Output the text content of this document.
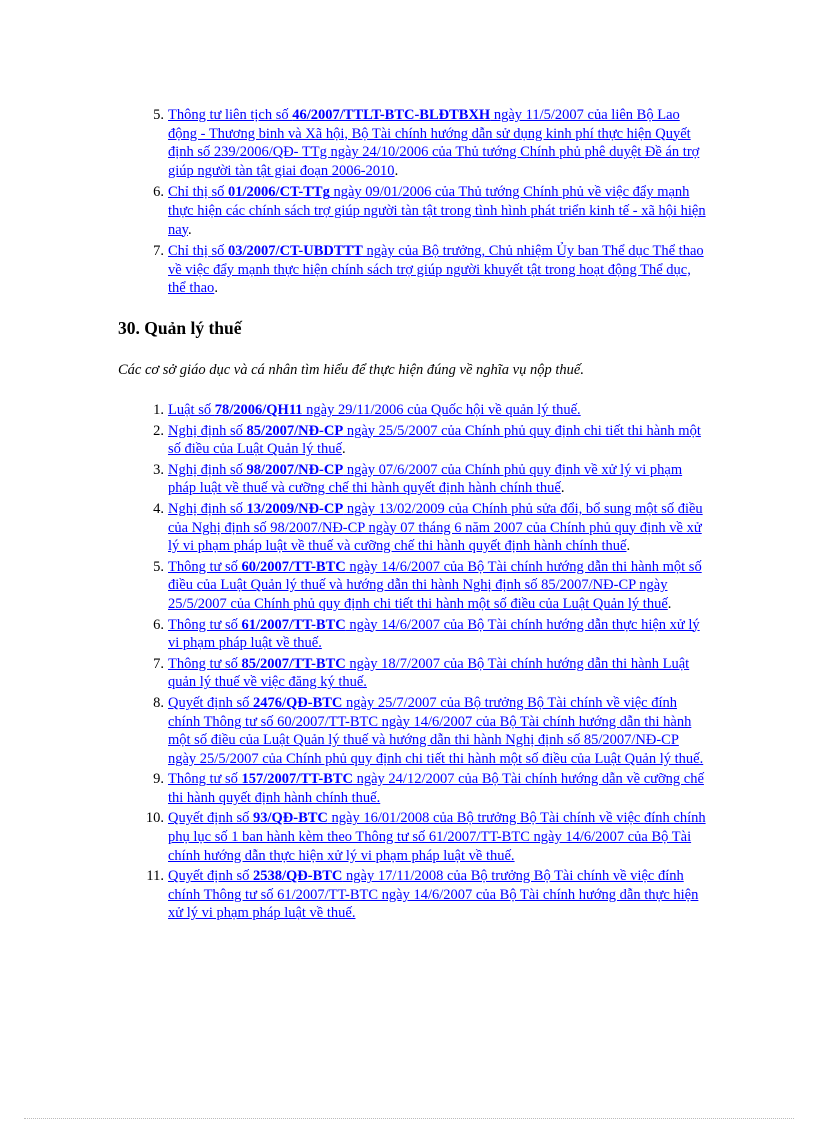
5. Thông tư liên tịch số 46/2007/TTLT-BTC-BLĐTBXH ngày 11/5/2007 của liên Bộ Lao động - Thương binh và Xã hội, Bộ Tài chính hướng dẫn sử dụng kinh phí thực hiện Quyết định số 239/2006/QĐ- TTg ngày 24/10/2006 của Thủ tướng Chính phủ phê duyệt Đề án trợ giúp người tàn tật giai đoạn 2006-2010.
6. Chỉ thị số 01/2006/CT-TTg ngày 09/01/2006 của Thủ tướng Chính phủ về việc đẩy mạnh thực hiện các chính sách trợ giúp người tàn tật trong tình hình phát triển kinh tế - xã hội hiện nay.
7. Chỉ thị số 03/2007/CT-UBDTTT ngày của Bộ trưởng, Chủ nhiệm Ủy ban Thể dục Thể thao về việc đẩy mạnh thực hiện chính sách trợ giúp người khuyết tật trong hoạt động Thể dục, thể thao.
30. Quản lý thuế
Các cơ sở giáo dục và cá nhân tìm hiểu để thực hiện đúng về nghĩa vụ nộp thuế.
1. Luật số 78/2006/QH11 ngày 29/11/2006 của Quốc hội về quản lý thuế.
2. Nghị định số 85/2007/NĐ-CP ngày 25/5/2007 của Chính phủ quy định chi tiết thi hành một số điều của Luật Quản lý thuế.
3. Nghị định số 98/2007/NĐ-CP ngày 07/6/2007 của Chính phủ quy định về xử lý vi phạm pháp luật về thuế và cưỡng chế thi hành quyết định hành chính thuế.
4. Nghị định số 13/2009/NĐ-CP ngày 13/02/2009 của Chính phủ sửa đổi, bổ sung một số điều của Nghị định số 98/2007/NĐ-CP ngày 07 tháng 6 năm 2007 của Chính phủ quy định về xử lý vi phạm pháp luật về thuế và cưỡng chế thi hành quyết định hành chính thuế.
5. Thông tư số 60/2007/TT-BTC ngày 14/6/2007 của Bộ Tài chính hướng dẫn thi hành một số điều của Luật Quản lý thuế và hướng dẫn thi hành Nghị định số 85/2007/NĐ-CP ngày 25/5/2007 của Chính phủ quy định chi tiết thi hành một số điều của Luật Quản lý thuế.
6. Thông tư số 61/2007/TT-BTC ngày 14/6/2007 của Bộ Tài chính hướng dẫn thực hiện xử lý vi phạm pháp luật về thuế.
7. Thông tư số 85/2007/TT-BTC ngày 18/7/2007 của Bộ Tài chính hướng dẫn thi hành Luật quản lý thuế về việc đăng ký thuế.
8. Quyết định số 2476/QĐ-BTC ngày 25/7/2007 của Bộ trưởng Bộ Tài chính về việc đính chính Thông tư số 60/2007/TT-BTC ngày 14/6/2007 của Bộ Tài chính hướng dẫn thi hành một số điều của Luật Quản lý thuế và hướng dẫn thi hành Nghị định số 85/2007/NĐ-CP ngày 25/5/2007 của Chính phủ quy định chi tiết thi hành một số điều của Luật Quản lý thuế.
9. Thông tư số 157/2007/TT-BTC ngày 24/12/2007 của Bộ Tài chính hướng dẫn về cưỡng chế thi hành quyết định hành chính thuế.
10. Quyết định số 93/QĐ-BTC ngày 16/01/2008 của Bộ trưởng Bộ Tài chính về việc đính chính phụ lục số 1 ban hành kèm theo Thông tư số 61/2007/TT-BTC ngày 14/6/2007 của Bộ Tài chính hướng dẫn thực hiện xử lý vi phạm pháp luật về thuế.
11. Quyết định số 2538/QĐ-BTC ngày 17/11/2008 của Bộ trưởng Bộ Tài chính về việc đính chính Thông tư số 61/2007/TT-BTC ngày 14/6/2007 của Bộ Tài chính hướng dẫn thực hiện xử lý vi phạm pháp luật về thuế.
